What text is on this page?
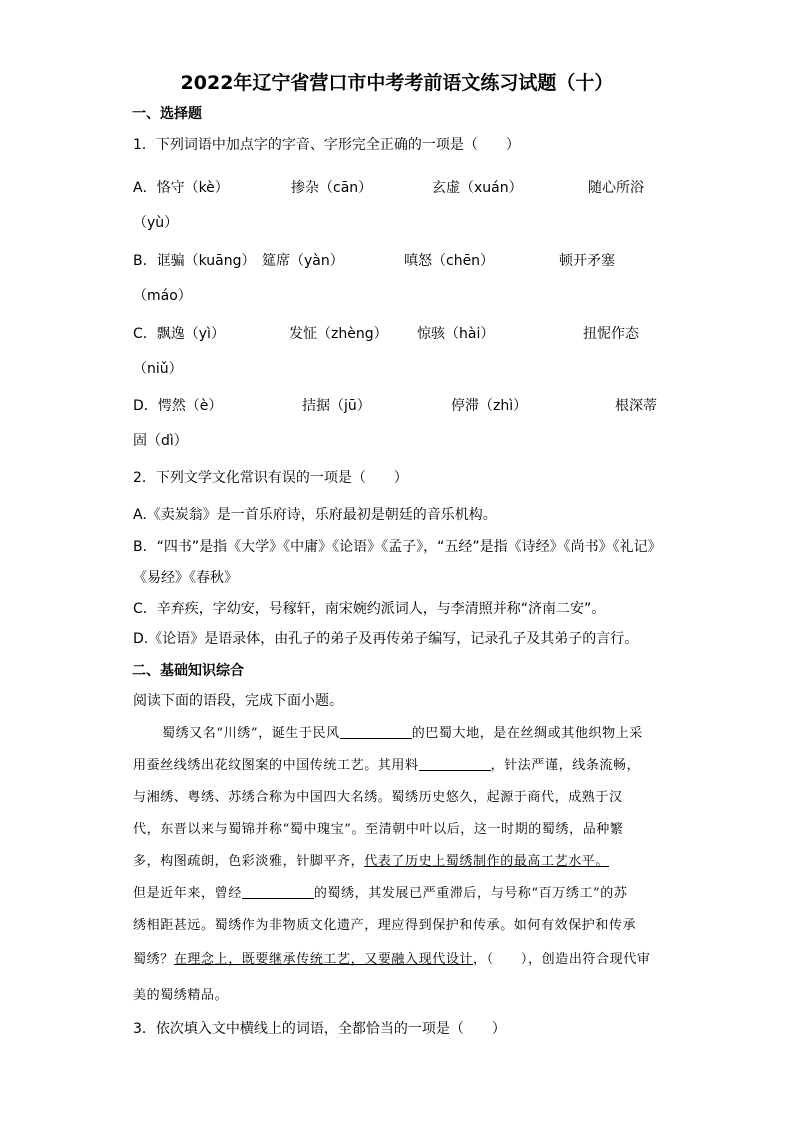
2022年辽宁省营口市中考考前语文练习试题（十）
一、选择题
1．下列词语中加点字的字音、字形完全正确的一项是（　　）
A．恪守（kè）	掺杂（cān）	玄虚（xuán）	随心所浴
（yù）
B．诓骗（kuāng） 筵席（yàn）	嗔怒（chēn）	顿开矛塞
（máo）
C．飘逸（yì）	发怔（zhèng） 惊骇（hài）	扭怩作态
（niǔ）
D．愕然（è）	拮据（jū）	停滞（zhì）	根深蒂
固（dì）
2．下列文学文化常识有误的一项是（　　）
A.《卖炭翁》是一首乐府诗，乐府最初是朝廷的音乐机构。
B．“四书”是指《大学》《中庸》《论语》《孟子》，“五经”是指《诗经》《尚书》《礼记》
《易经》《春秋》
C．辛弃疾，字幼安，号稼轩，南宋婉约派词人，与李清照并称“济南二安”。
D.《论语》是语录体，由孔子的弟子及再传弟子编写，记录孔子及其弟子的言行。
二、基础知识综合
阅读下面的语段，完成下面小题。
蜀绣又名“川绣”，诞生于民风	的巴蜀大地，是在丝绸或其他织物上采
用蚕丝线绣出花纹图案的中国传统工艺。其用料	，针法严谨，线条流畅，
与湘绣、粤绣、苏绣合称为中国四大名绣。蜀绣历史悠久，起源于商代，成熟于汉
代，东晋以来与蜀锦并称“蜀中瑰宝”。至清朝中叶以后，这一时期的蜀绣，品种繁
多，构图疏朗，色彩淡雅，针脚平齐，代表了历史上蜀绣制作的最高工艺水平。
但是近年来，曾经	的蜀绣，其发展已严重滞后，与号称“百万绣工”的苏
绣相距甚远。蜀绣作为非物质文化遗产，理应得到保护和传承。如何有效保护和传承
蜀绣？在理念上，既要继承传统工艺，又要融入现代设计，（　　），创造出符合现代审
美的蜀绣精品。
3．依次填入文中横线上的词语，全都恰当的一项是（　　）
